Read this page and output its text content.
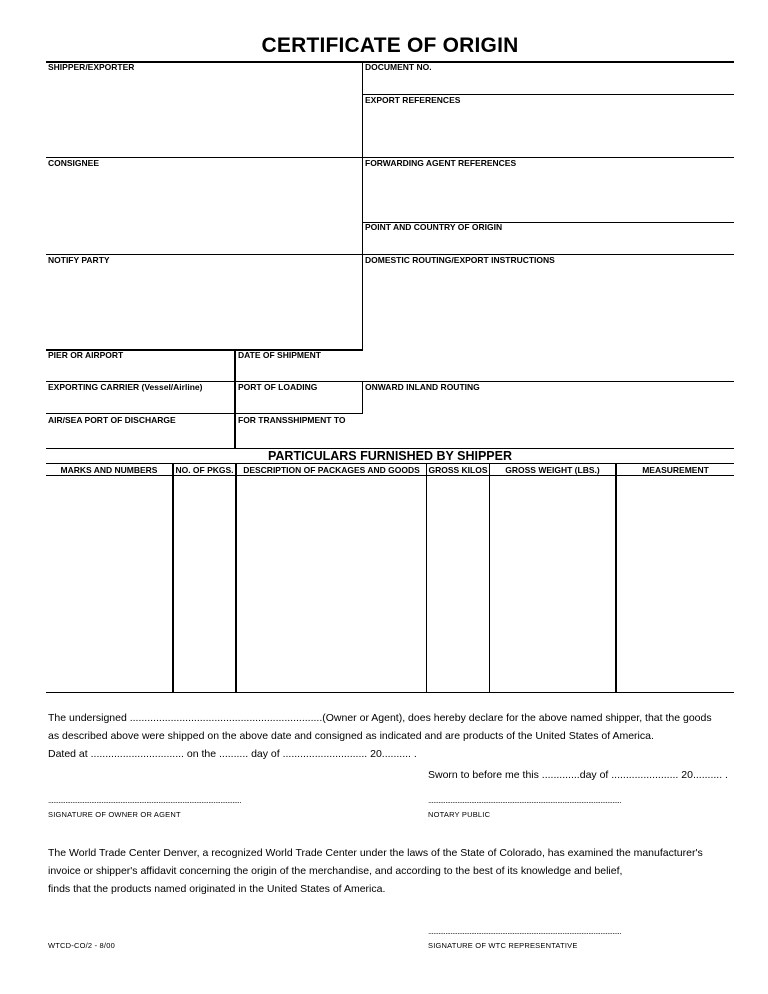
CERTIFICATE OF ORIGIN
SHIPPER/EXPORTER	DOCUMENT NO.
EXPORT REFERENCES
CONSIGNEE	FORWARDING AGENT REFERENCES
POINT AND COUNTRY OF ORIGIN
NOTIFY PARTY	DOMESTIC ROUTING/EXPORT INSTRUCTIONS
PIER OR AIRPORT	DATE OF SHIPMENT
EXPORTING CARRIER (Vessel/Airline)	PORT OF LOADING	ONWARD INLAND ROUTING
AIR/SEA PORT OF DISCHARGE	FOR TRANSSHIPMENT TO
PARTICULARS FURNISHED BY SHIPPER
MARKS AND NUMBERS	NO. OF PKGS.	DESCRIPTION OF PACKAGES AND GOODS	GROSS KILOS	GROSS WEIGHT (LBS.)	MEASUREMENT
The undersigned ..................................................................(Owner or Agent), does hereby declare for the above named shipper, that the goods
as described above were shipped on the above date and consigned as indicated and are products of the United States of America.
Dated at ................................ on the .......... day of ............................. 20.......... .
Sworn to before me this .............day of ....................... 20.......... .
................................................................................................................
SIGNATURE OF OWNER OR AGENT
................................................................................................................
NOTARY PUBLIC
The World Trade Center Denver, a recognized World Trade Center under the laws of the State of Colorado, has examined the manufacturer's
invoice or shipper's affidavit concerning the origin of the merchandise, and according to the best of its knowledge and belief,
finds that the products named originated in the United States of America.
................................................................................................................
SIGNATURE OF WTC REPRESENTATIVE
WTCD-CO/2 - 8/00
